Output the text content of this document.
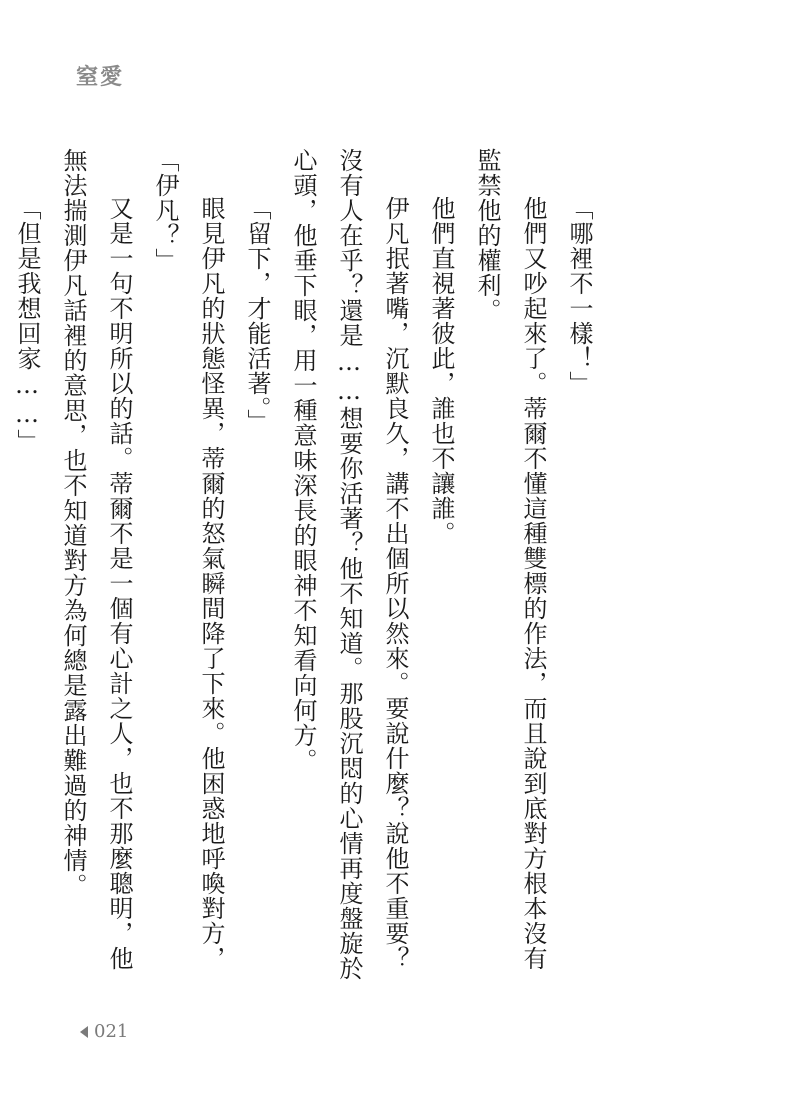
窒愛

「哪裡不一樣！」

他們又吵起來了。蒂爾不懂這種雙標的作法，而且說到底對方根本沒有監禁他的權利。

他們直視著彼此，誰也不讓誰。

伊凡抿著嘴，沉默良久，講不出個所以然來。要說什麼？說他不重要？沒有人在乎？還是……想要你活著？他不知道。那股沉悶的心情再度盤旋於心頭，他垂下眼，用一種意味深長的眼神不知看向何方。

「留下，才能活著。」

眼見伊凡的狀態怪異，蒂爾的怒氣瞬間降了下來。他困惑地呼喚對方，「伊凡？」

又是一句不明所以的話。蒂爾不是一個有心計之人，也不那麼聰明，他無法揣測伊凡話裡的意思，也不知道對方為何總是露出難過的神情。

「但是我想回家……」

021
